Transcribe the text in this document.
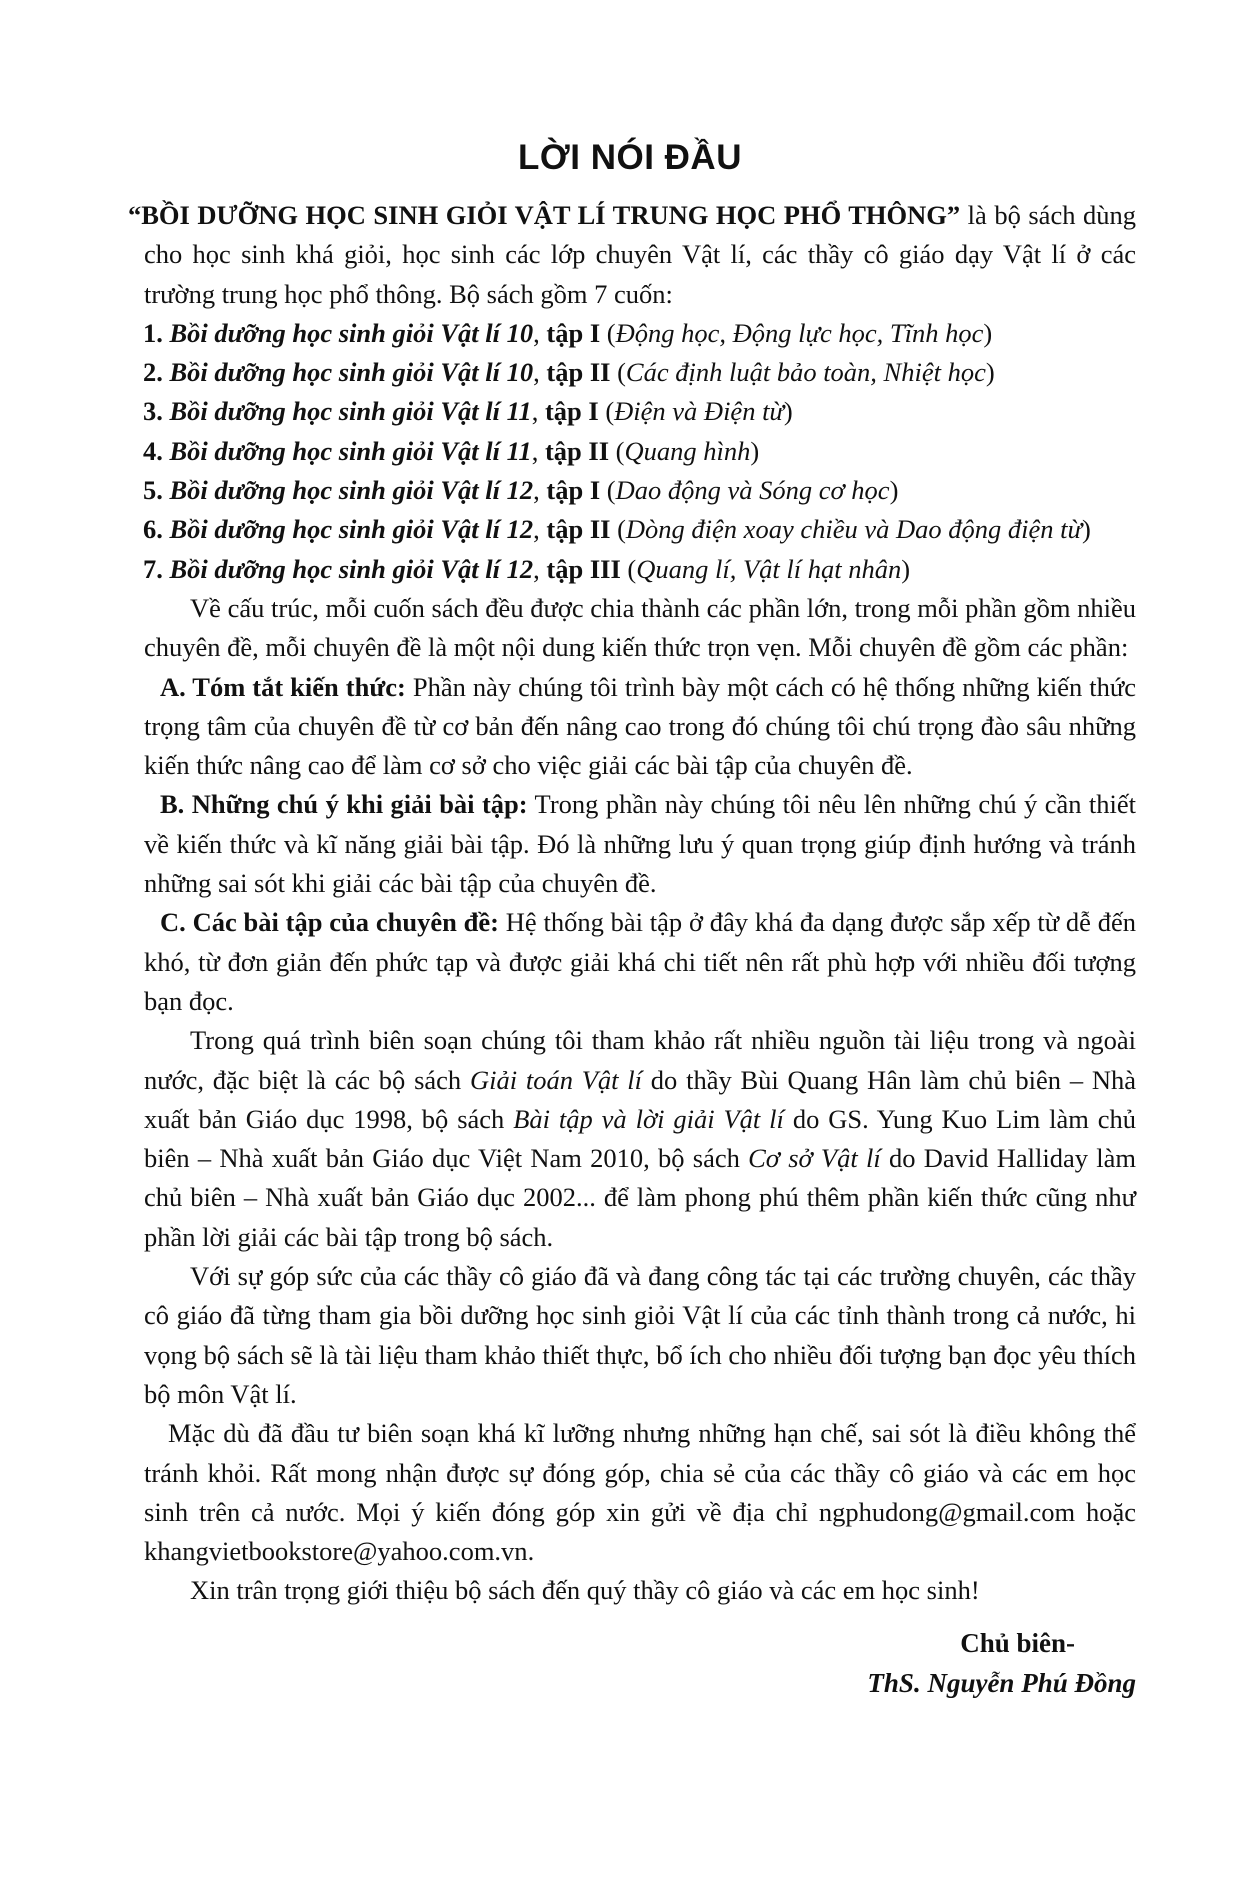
LỜI NÓI ĐẦU

“BỒI DƯỠNG HỌC SINH GIỎI VẬT LÍ TRUNG HỌC PHỔ THÔNG” là bộ sách dùng cho học sinh khá giỏi, học sinh các lớp chuyên Vật lí, các thầy cô giáo dạy Vật lí ở các trường trung học phổ thông. Bộ sách gồm 7 cuốn:

1. Bồi dưỡng học sinh giỏi Vật lí 10, tập I (Động học, Động lực học, Tĩnh học)
2. Bồi dưỡng học sinh giỏi Vật lí 10, tập II (Các định luật bảo toàn, Nhiệt học)
3. Bồi dưỡng học sinh giỏi Vật lí 11, tập I (Điện và Điện từ)
4. Bồi dưỡng học sinh giỏi Vật lí 11, tập II (Quang hình)
5. Bồi dưỡng học sinh giỏi Vật lí 12, tập I (Dao động và Sóng cơ học)
6. Bồi dưỡng học sinh giỏi Vật lí 12, tập II (Dòng điện xoay chiều và Dao động điện từ)
7. Bồi dưỡng học sinh giỏi Vật lí 12, tập III (Quang lí, Vật lí hạt nhân)

Về cấu trúc, mỗi cuốn sách đều được chia thành các phần lớn, trong mỗi phần gồm nhiều chuyên đề, mỗi chuyên đề là một nội dung kiến thức trọn vẹn. Mỗi chuyên đề gồm các phần:

A. Tóm tắt kiến thức: Phần này chúng tôi trình bày một cách có hệ thống những kiến thức trọng tâm của chuyên đề từ cơ bản đến nâng cao trong đó chúng tôi chú trọng đào sâu những kiến thức nâng cao để làm cơ sở cho việc giải các bài tập của chuyên đề.

B. Những chú ý khi giải bài tập: Trong phần này chúng tôi nêu lên những chú ý cần thiết về kiến thức và kĩ năng giải bài tập. Đó là những lưu ý quan trọng giúp định hướng và tránh những sai sót khi giải các bài tập của chuyên đề.

C. Các bài tập của chuyên đề: Hệ thống bài tập ở đây khá đa dạng được sắp xếp từ dễ đến khó, từ đơn giản đến phức tạp và được giải khá chi tiết nên rất phù hợp với nhiều đối tượng bạn đọc.

Trong quá trình biên soạn chúng tôi tham khảo rất nhiều nguồn tài liệu trong và ngoài nước, đặc biệt là các bộ sách Giải toán Vật lí do thầy Bùi Quang Hân làm chủ biên – Nhà xuất bản Giáo dục 1998, bộ sách Bài tập và lời giải Vật lí do GS. Yung Kuo Lim làm chủ biên – Nhà xuất bản Giáo dục Việt Nam 2010, bộ sách Cơ sở Vật lí do David Halliday làm chủ biên – Nhà xuất bản Giáo dục 2002... để làm phong phú thêm phần kiến thức cũng như phần lời giải các bài tập trong bộ sách.

Với sự góp sức của các thầy cô giáo đã và đang công tác tại các trường chuyên, các thầy cô giáo đã từng tham gia bồi dưỡng học sinh giỏi Vật lí của các tỉnh thành trong cả nước, hi vọng bộ sách sẽ là tài liệu tham khảo thiết thực, bổ ích cho nhiều đối tượng bạn đọc yêu thích bộ môn Vật lí.

Mặc dù đã đầu tư biên soạn khá kĩ lưỡng nhưng những hạn chế, sai sót là điều không thể tránh khỏi. Rất mong nhận được sự đóng góp, chia sẻ của các thầy cô giáo và các em học sinh trên cả nước. Mọi ý kiến đóng góp xin gửi về địa chỉ ngphudong@gmail.com hoặc khangvietbookstore@yahoo.com.vn.

Xin trân trọng giới thiệu bộ sách đến quý thầy cô giáo và các em học sinh!

Chủ biên-
ThS. Nguyễn Phú Đồng
